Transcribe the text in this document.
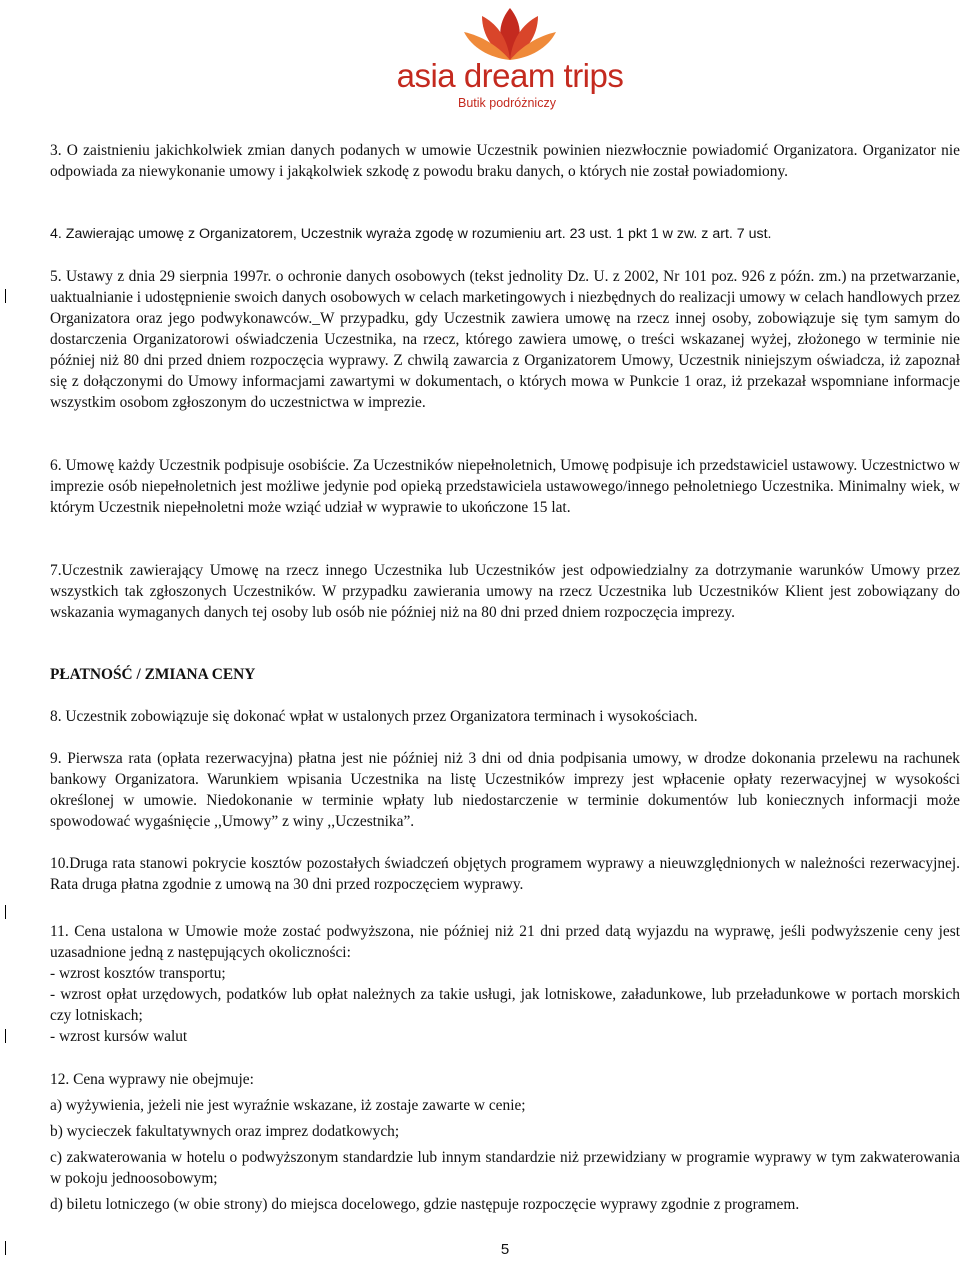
asia dream trips
Butik podróżniczy

3. O zaistnieniu jakichkolwiek zmian danych podanych w umowie Uczestnik powinien niezwłocznie powiadomić Organizatora. Organizator nie odpowiada za niewykonanie umowy i jakąkolwiek szkodę z powodu braku danych, o których nie został powiadomiony.

4. Zawierając umowę z Organizatorem, Uczestnik wyraża zgodę w rozumieniu art. 23 ust. 1 pkt 1 w zw. z art. 7 ust.

5. Ustawy z dnia 29 sierpnia 1997r. o ochronie danych osobowych (tekst jednolity Dz. U. z 2002, Nr 101 poz. 926 z późn. zm.) na przetwarzanie, uaktualnianie i udostępnienie swoich danych osobowych w celach marketingowych i niezbędnych do realizacji umowy w celach handlowych przez Organizatora oraz jego podwykonawców._W przypadku, gdy Uczestnik zawiera umowę na rzecz innej osoby, zobowiązuje się tym samym do dostarczenia Organizatorowi oświadczenia Uczestnika, na rzecz, którego zawiera umowę, o treści wskazanej wyżej, złożonego w terminie nie później niż 80 dni przed dniem rozpoczęcia wyprawy. Z chwilą zawarcia z Organizatorem Umowy, Uczestnik niniejszym oświadcza, iż zapoznał się z dołączonymi do Umowy informacjami zawartymi w dokumentach, o których mowa w Punkcie 1 oraz, iż przekazał wspomniane informacje wszystkim osobom zgłoszonym do uczestnictwa w imprezie.

6. Umowę każdy Uczestnik podpisuje osobiście. Za Uczestników niepełnoletnich, Umowę podpisuje ich przedstawiciel ustawowy. Uczestnictwo w imprezie osób niepełnoletnich jest możliwe jedynie pod opieką przedstawiciela ustawowego/innego pełnoletniego Uczestnika. Minimalny wiek, w którym Uczestnik niepełnoletni może wziąć udział w wyprawie to ukończone 15 lat.

7.Uczestnik zawierający Umowę na rzecz innego Uczestnika lub Uczestników jest odpowiedzialny za dotrzymanie warunków Umowy przez wszystkich tak zgłoszonych Uczestników. W przypadku zawierania umowy na rzecz Uczestnika lub Uczestników Klient jest zobowiązany do wskazania wymaganych danych tej osoby lub osób nie później niż na 80 dni przed dniem rozpoczęcia imprezy.

PŁATNOŚĆ / ZMIANA CENY

8. Uczestnik zobowiązuje się dokonać wpłat w ustalonych przez Organizatora terminach i wysokościach.

9. Pierwsza rata (opłata rezerwacyjna) płatna jest nie później niż 3 dni od dnia podpisania umowy, w drodze dokonania przelewu na rachunek bankowy Organizatora. Warunkiem wpisania Uczestnika na listę Uczestników imprezy jest wpłacenie opłaty rezerwacyjnej w wysokości określonej w umowie. Niedokonanie w terminie wpłaty lub niedostarczenie w terminie dokumentów lub koniecznych informacji może spowodować wygaśnięcie ,,Umowy” z winy ,,Uczestnika”.

10.Druga rata stanowi pokrycie kosztów pozostałych świadczeń objętych programem wyprawy a nieuwzględnionych w należności rezerwacyjnej. Rata druga płatna zgodnie z umową na 30 dni przed rozpoczęciem wyprawy.

11. Cena ustalona w Umowie może zostać podwyższona, nie później niż 21 dni przed datą wyjazdu na wyprawę, jeśli podwyższenie ceny jest uzasadnione jedną z następujących okoliczności:

- wzrost kosztów transportu;

- wzrost opłat urzędowych, podatków lub opłat należnych za takie usługi, jak lotniskowe, załadunkowe, lub przeładunkowe w portach morskich czy lotniskach;

- wzrost kursów walut

12. Cena wyprawy nie obejmuje:

a) wyżywienia, jeżeli nie jest wyraźnie wskazane, iż zostaje zawarte w cenie;

b) wycieczek fakultatywnych oraz imprez dodatkowych;

c) zakwaterowania w hotelu o podwyższonym standardzie lub innym standardzie niż przewidziany w programie wyprawy w tym zakwaterowania w pokoju jednoosobowym;

d) biletu lotniczego (w obie strony) do miejsca docelowego, gdzie następuje rozpoczęcie wyprawy zgodnie z programem.

5
